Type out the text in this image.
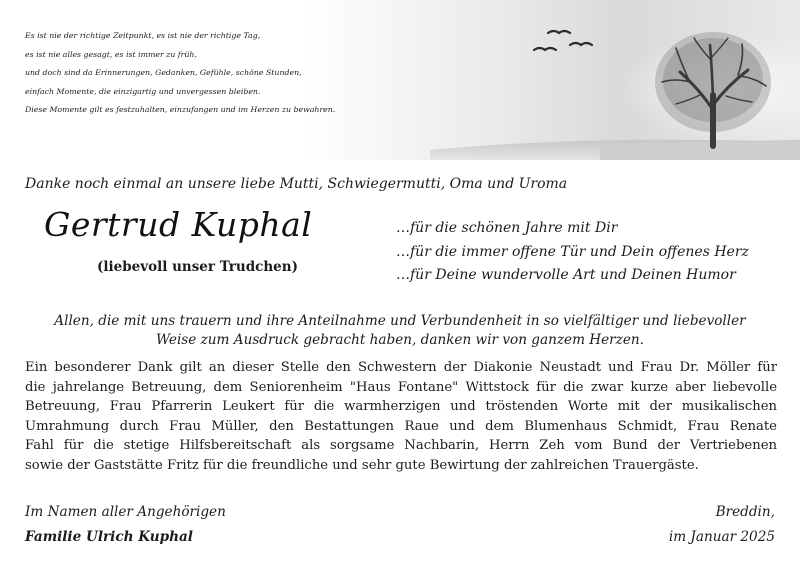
Es ist nie der richtige Zeitpunkt, es ist nie der richtige Tag,
es ist nie alles gesagt, es ist immer zu früh,
und doch sind da Erinnerungen, Gedanken, Gefühle, schöne Stunden,
einfach Momente, die einzigartig und unvergessen bleiben.
Diese Momente gilt es festzuhalten, einzufangen und im Herzen zu bewahren.
Danke noch einmal an unsere liebe Mutti, Schwiegermutti, Oma und Uroma
Gertrud Kuphal
(liebevoll unser Trudchen)
…für die schönen Jahre mit Dir
…für die immer offene Tür und Dein offenes Herz
…für Deine wundervolle Art und Deinen Humor
Allen, die mit uns trauern und ihre Anteilnahme und Verbundenheit in so vielfältiger und liebevoller
Weise zum Ausdruck gebracht haben, danken wir von ganzem Herzen.
Ein besonderer Dank gilt an dieser Stelle den Schwestern der Diakonie Neustadt und Frau Dr. Möller für
die jahrelange Betreuung, dem Seniorenheim "Haus Fontane" Wittstock für die zwar kurze aber liebevolle
Betreuung, Frau Pfarrerin Leukert für die warmherzigen und tröstenden Worte mit der musikalischen
Umrahmung durch Frau Müller, den Bestattungen Raue und dem Blumenhaus Schmidt, Frau Renate
Fahl für die stetige Hilfsbereitschaft als sorgsame Nachbarin, Herrn Zeh vom Bund der Vertriebenen
sowie der Gaststätte Fritz für die freundliche und sehr gute Bewirtung der zahlreichen Trauergäste.
Im Namen aller Angehörigen
Familie Ulrich Kuphal
Breddin,
im Januar 2025
